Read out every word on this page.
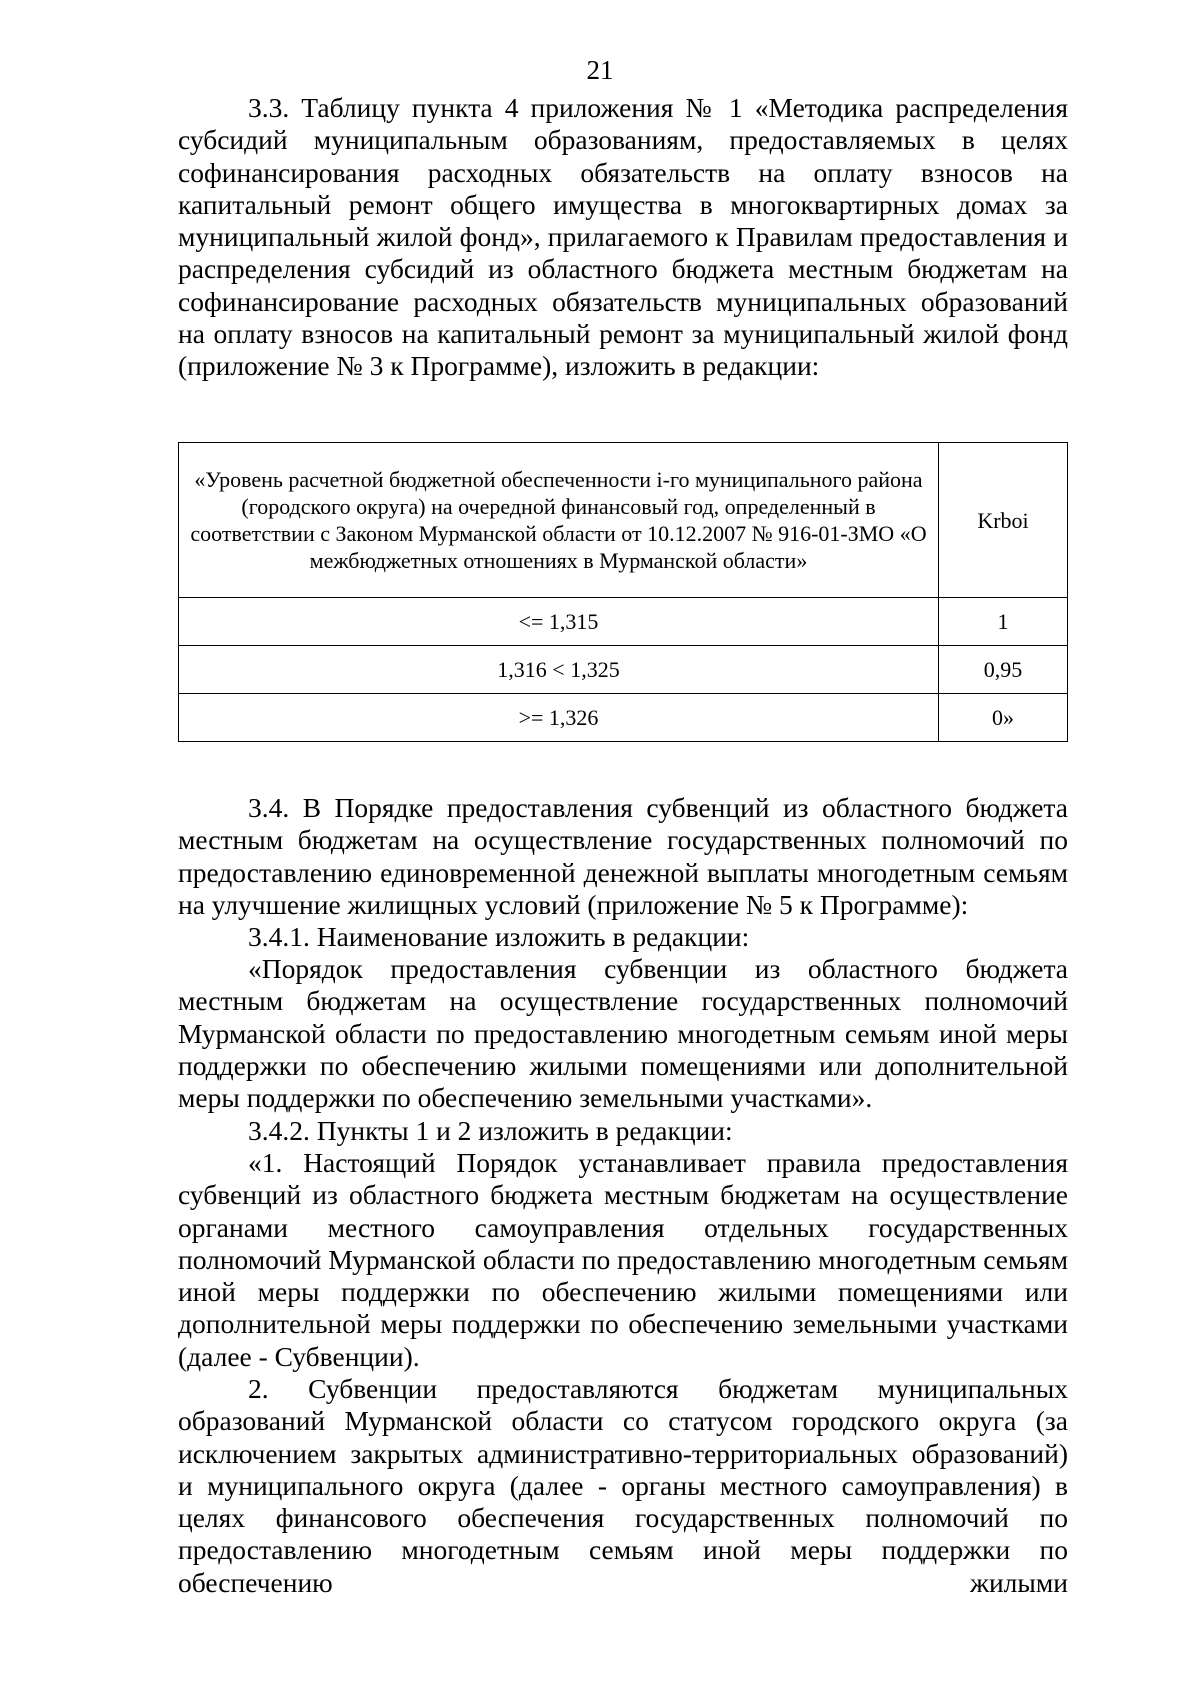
21

3.3. Таблицу пункта 4 приложения № 1 «Методика распределения субсидий муниципальным образованиям, предоставляемых в целях софинансирования расходных обязательств на оплату взносов на капитальный ремонт общего имущества в многоквартирных домах за муниципальный жилой фонд», прилагаемого к Правилам предоставления и распределения субсидий из областного бюджета местным бюджетам на софинансирование расходных обязательств муниципальных образований на оплату взносов на капитальный ремонт за муниципальный жилой фонд (приложение № 3 к Программе), изложить в редакции:

«Уровень расчетной бюджетной обеспеченности i-го муниципального района (городского округа) на очередной финансовый год, определенный в соответствии с Законом Мурманской области от 10.12.2007 № 916-01-ЗМО «О межбюджетных отношениях в Мурманской области»	Krboi
<= 1,315	1
1,316 < 1,325	0,95
>= 1,326	0»

3.4. В Порядке предоставления субвенций из областного бюджета местным бюджетам на осуществление государственных полномочий по предоставлению единовременной денежной выплаты многодетным семьям на улучшение жилищных условий (приложение № 5 к Программе):

3.4.1. Наименование изложить в редакции:

«Порядок предоставления субвенции из областного бюджета местным бюджетам на осуществление государственных полномочий Мурманской области по предоставлению многодетным семьям иной меры поддержки по обеспечению жилыми помещениями или дополнительной меры поддержки по обеспечению земельными участками».

3.4.2. Пункты 1 и 2 изложить в редакции:

«1. Настоящий Порядок устанавливает правила предоставления субвенций из областного бюджета местным бюджетам на осуществление органами местного самоуправления отдельных государственных полномочий Мурманской области по предоставлению многодетным семьям иной меры поддержки по обеспечению жилыми помещениями или дополнительной меры поддержки по обеспечению земельными участками (далее - Субвенции).

2. Субвенции предоставляются бюджетам муниципальных образований Мурманской области со статусом городского округа (за исключением закрытых административно-территориальных образований) и муниципального округа (далее - органы местного самоуправления) в целях финансового обеспечения государственных полномочий по предоставлению многодетным семьям иной меры поддержки по обеспечению жилыми
